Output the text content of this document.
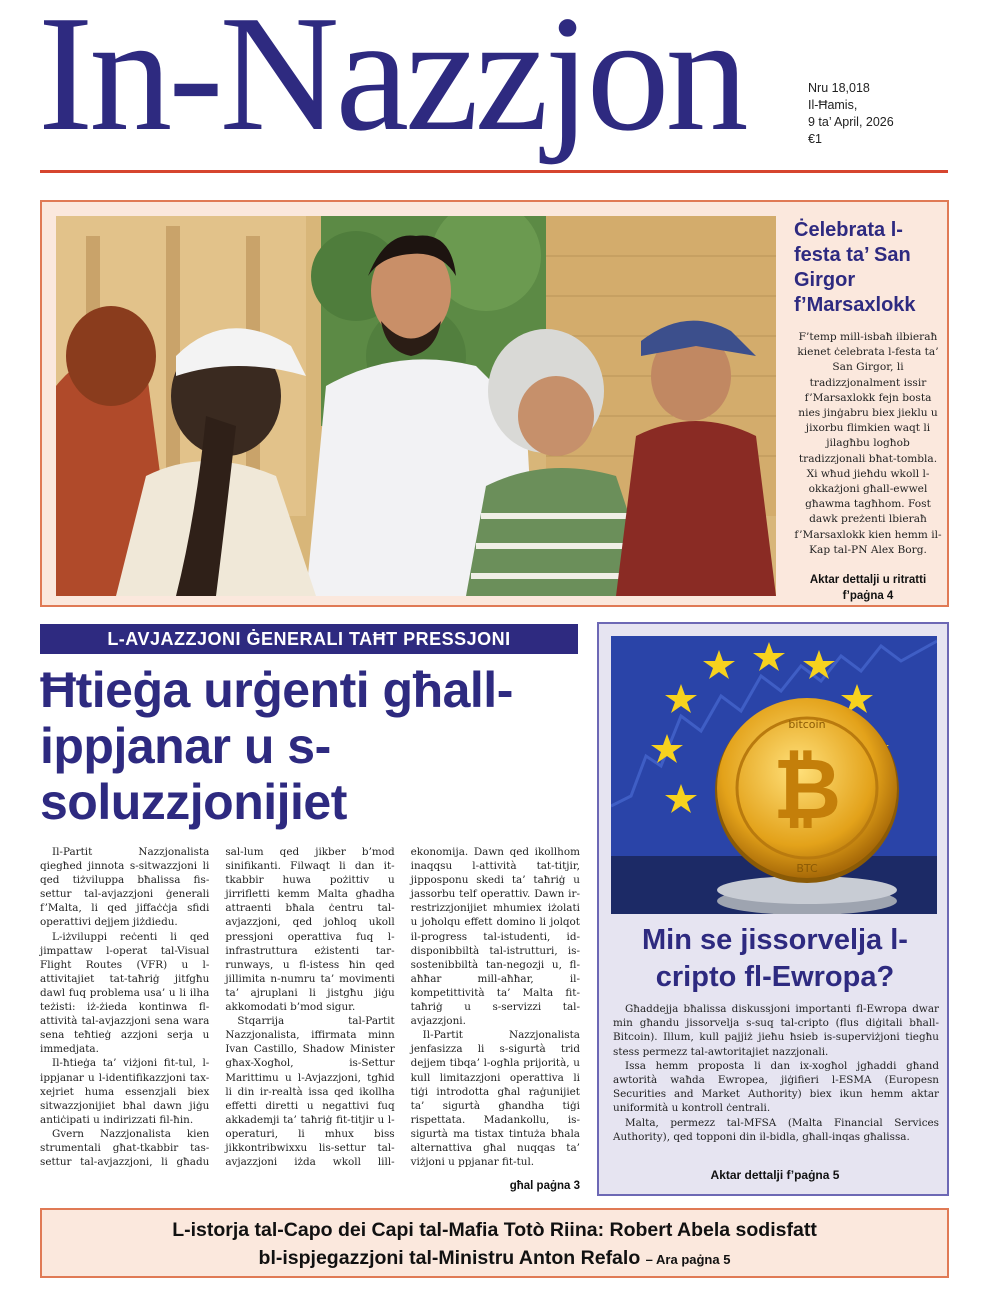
In-Nazzjon	Nru 18,018
Il-Ħamis,
9 ta’ April, 2026
€1
Ċelebrata l-festa ta’ San Girgor f’Marsaxlokk

F’temp mill-isbaħ ilbieraħ kienet ċelebrata l-festa ta’ San Girgor, li tradizzjonalment issir f’Marsaxlokk fejn bosta nies jinġabru biex jieklu u jixorbu flimkien waqt li jilagħbu logħob tradizzjonali bħat-tombla. Xi wħud jieħdu wkoll l-okkażjoni għall-ewwel għawma tagħhom. Fost dawk preżenti lbieraħ f’Marsaxlokk kien hemm il-Kap tal-PN Alex Borg.

Aktar dettalji u ritratti f’paġna 4

L-AVJAZZJONI ĠENERALI TAĦT PRESSJONI
Ħtieġa urġenti għall-ippjanar u s-soluzzjonijiet

Il-Partit Nazzjonalista qiegħed jinnota s-sitwazzjoni li qed tiżviluppa bħalissa fis-settur tal-avjazzjoni ġenerali f’Malta, li qed jiffaċċja sfidi operattivi dejjem jiżdiedu.

L-iżviluppi reċenti li qed jimpattaw l-operat tal-Visual Flight Routes (VFR) u l-attivitajiet tat-taħriġ jitfgħu dawl fuq problema usa’ u li ilha teżisti: iż-żieda kontinwa fl-attività tal-avjazzjoni sena wara sena teħtieġ azzjoni serja u immedjata.

Il-ħtieġa ta’ viżjoni fit-tul, l-ippjanar u l-identifikazzjoni tax-xejriet huma essenzjali biex sitwazzjonijiet bħal dawn jiġu antiċipati u indirizzati fil-ħin.

Gvern Nazzjonalista kien strumentali għat-tkabbir tas-settur tal-avjazzjoni, li għadu sal-lum qed jikber b’mod sinifikanti. Filwaqt li dan it-tkabbir huwa pożittiv u jirrifletti kemm Malta għadha attraenti bħala ċentru tal-avjazzjoni, qed joħloq ukoll pressjoni operattiva fuq l-infrastruttura eżistenti tar-runways, u fl-istess ħin qed jillimita n-numru ta’ movimenti ta’ ajruplani li jistgħu jiġu akkomodati b’mod sigur.

Stqarrija tal-Partit Nazzjonalista, iffirmata minn Ivan Castillo, Shadow Minister għax-Xogħol, is-Settur Marittimu u l-Avjazzjoni, tgħid li din ir-realtà issa qed ikollha effetti diretti u negattivi fuq akkademji ta’ taħriġ fit-titjir u l-operaturi, li mhux biss jikkontribwixxu lis-settur tal-avjazzjoni iżda wkoll lill-ekonomija. Dawn qed ikollhom inaqqsu l-attività tat-titjir, jipposponu skedi ta’ taħriġ u jassorbu telf operattiv. Dawn ir-restrizzjonijiet mhumiex iżolati u joħolqu effett domino li jolqot il-progress tal-istudenti, id-disponibbiltà tal-istrutturi, is-sostenibbiltà tan-negozji u, fl-aħħar mill-aħħar, il-kompetittività ta’ Malta fit-taħriġ u s-servizzi tal-avjazzjoni.

Il-Partit Nazzjonalista jenfasizza li s-sigurtà trid dejjem tibqa’ l-ogħla prijorità, u kull limitazzjoni operattiva li tiġi introdotta għal raġunijiet ta’ sigurtà għandha tiġi rispettata. Madankollu, is-sigurtà ma tistax tintuża bħala alternattiva għal nuqqas ta’ viżjoni u ppjanar fit-tul.

għal paġna 3
bitcoin
₿
BTC
Min se jissorvelja l-cripto fl-Ewropa?

Għaddejja bħalissa diskussjoni importanti fl-Ewropa dwar min għandu jissorvelja s-suq tal-cripto (flus diġitali bħall-Bitcoin). Illum, kull pajjiż jieħu ħsieb is-superviżjoni tiegħu stess permezz tal-awtoritajiet nazzjonali.

Issa hemm proposta li dan ix-xogħol jgħaddi għand awtorità waħda Ewropea, jiġifieri l-ESMA (Europesn Securities and Market Authority) biex ikun hemm aktar uniformità u kontroll ċentrali.

Malta, permezz tal-MFSA (Malta Financial Services Authority), qed topponi din il-bidla, għall-inqas għalissa.

Aktar dettalji f’paġna 5
L-istorja tal-Capo dei Capi tal-Mafia Totò Riina: Robert Abela sodisfatt
bl-ispjegazzjoni tal-Ministru Anton Refalo – Ara paġna 5
